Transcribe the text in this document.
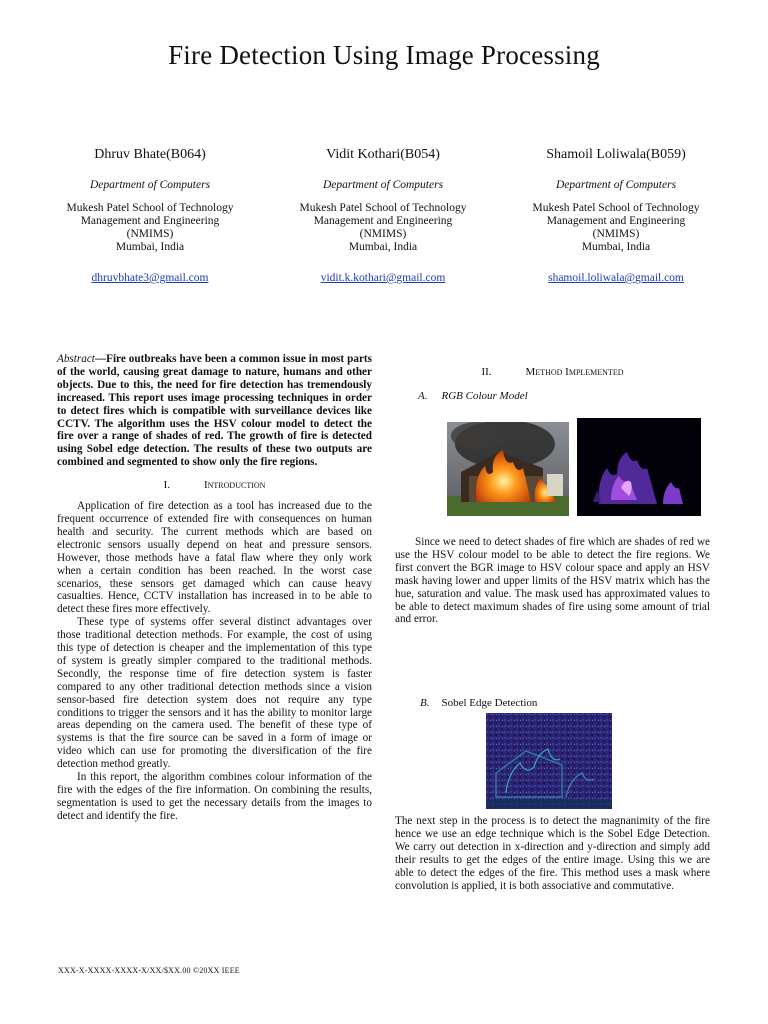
Fire Detection Using Image Processing
Dhruv Bhate(B064)
Department of Computers
Mukesh Patel School of Technology
Management and Engineering
(NMIMS)
Mumbai, India
dhruvbhate3@gmail.com
Vidit Kothari(B054)
Department of Computers
Mukesh Patel School of Technology
Management and Engineering
(NMIMS)
Mumbai, India
vidit.k.kothari@gmail.com
Shamoil Loliwala(B059)
Department of Computers
Mukesh Patel School of Technology
Management and Engineering
(NMIMS)
Mumbai, India
shamoil.loliwala@gmail.com
Abstract—Fire outbreaks have been a common issue in most parts of the world, causing great damage to nature, humans and other objects. Due to this, the need for fire detection has tremendously increased. This report uses image processing techniques in order to detect fires which is compatible with surveillance devices like CCTV. The algorithm uses the HSV colour model to detect the fire over a range of shades of red. The growth of fire is detected using Sobel edge detection. The results of these two outputs are combined and segmented to show only the fire regions.
I.	Introduction

Application of fire detection as a tool has increased due to the frequent occurrence of extended fire with consequences on human health and security. The current methods which are based on electronic sensors usually depend on heat and pressure sensors. However, those methods have a fatal flaw where they only work when a certain condition has been reached. In the worst case scenarios, these sensors get damaged which can cause heavy casualties. Hence, CCTV installation has increased in to be able to detect these fires more effectively.

These type of systems offer several distinct advantages over those traditional detection methods. For example, the cost of using this type of detection is cheaper and the implementation of this type of system is greatly simpler compared to the traditional methods. Secondly, the response time of fire detection system is faster compared to any other traditional detection methods since a vision sensor-based fire detection system does not require any type conditions to trigger the sensors and it has the ability to monitor large areas depending on the camera used. The benefit of these type of systems is that the fire source can be saved in a form of image or video which can use for promoting the diversification of the fire detection method greatly.

In this report, the algorithm combines colour information of the fire with the edges of the fire information. On combining the results, segmentation is used to get the necessary details from the images to detect and identify the fire.

II.	Method Implemented
A. RGB Colour Model

Since we need to detect shades of fire which are shades of red we use the HSV colour model to be able to detect the fire regions. We first convert the BGR image to HSV colour space and apply an HSV mask having lower and upper limits of the HSV matrix which has the hue, saturation and value. The mask used has approximated values to be able to detect maximum shades of fire using some amount of trial and error.

B. Sobel Edge Detection

The next step in the process is to detect the magnanimity of the fire hence we use an edge technique which is the Sobel Edge Detection. We carry out detection in x-direction and y-direction and simply add their results to get the edges of the entire image. Using this we are able to detect the edges of the fire. This method uses a mask where convolution is applied, it is both associative and commutative.

XXX-X-XXXX-XXXX-X/XX/$XX.00 ©20XX IEEE
